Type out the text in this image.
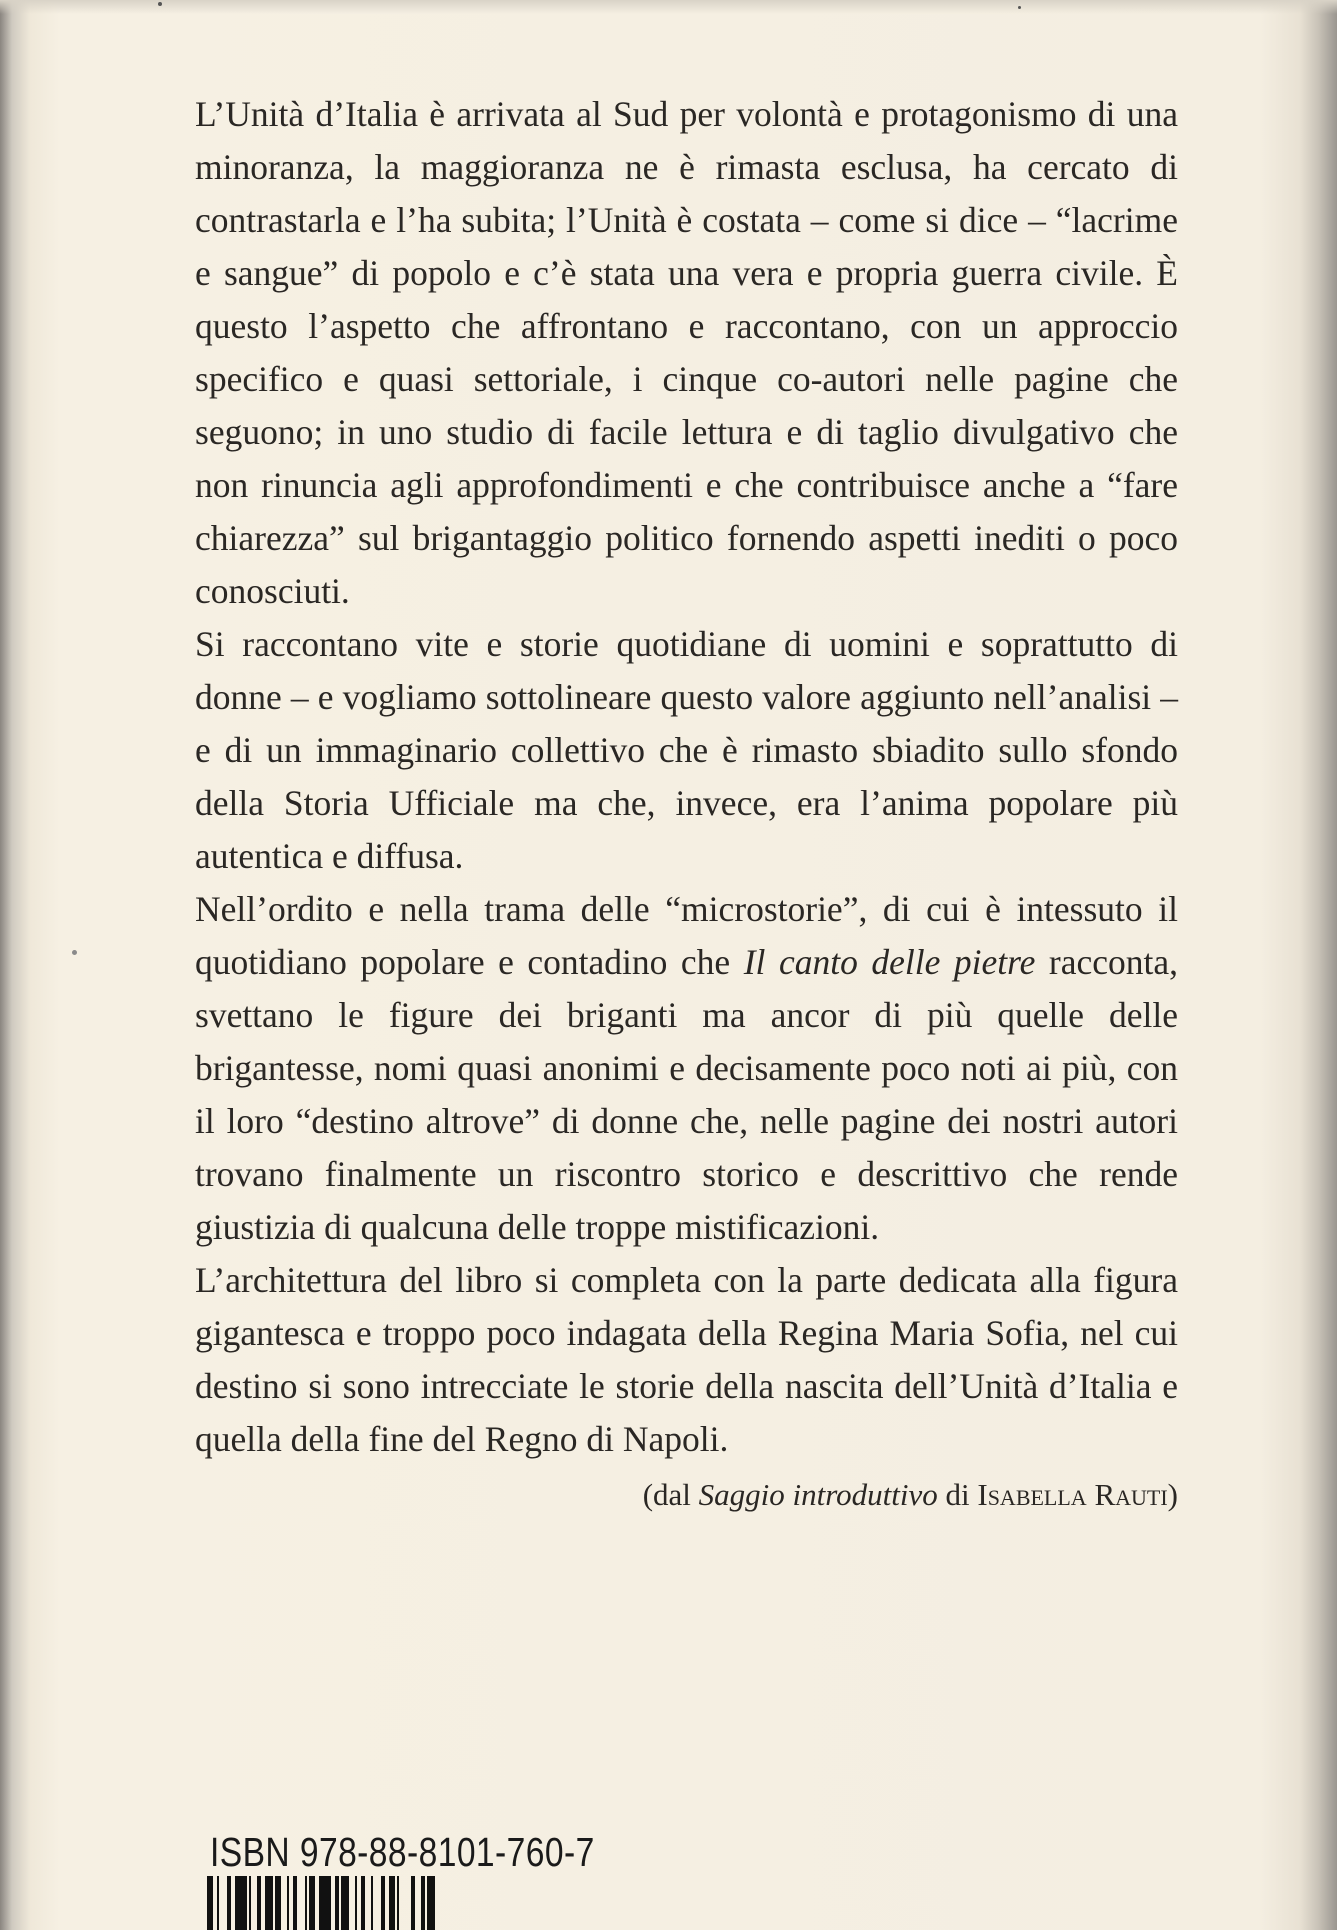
L’Unità d’Italia è arrivata al Sud per volontà e protagonismo di una minoranza, la maggioranza ne è rimasta esclusa, ha cercato di contrastarla e l’ha subita; l’Unità è costata – come si dice – “lacrime e sangue” di popolo e c’è stata una vera e propria guerra civile. È questo l’aspetto che affrontano e raccontano, con un approccio specifico e quasi settoriale, i cinque co-autori nelle pagine che seguono; in uno studio di facile lettura e di taglio divulgativo che non rinuncia agli approfondimenti e che contribuisce anche a “fare chiarezza” sul brigantaggio politico fornendo aspetti inediti o poco conosciuti.

Si raccontano vite e storie quotidiane di uomini e soprattutto di donne – e vogliamo sottolineare questo valore aggiunto nell’analisi – e di un immaginario collettivo che è rimasto sbiadito sullo sfondo della Storia Ufficiale ma che, invece, era l’anima popolare più autentica e diffusa.

Nell’ordito e nella trama delle “microstorie”, di cui è intessuto il quotidiano popolare e contadino che Il canto delle pietre racconta, svettano le figure dei briganti ma ancor di più quelle delle brigantesse, nomi quasi anonimi e decisamente poco noti ai più, con il loro “destino altrove” di donne che, nelle pagine dei nostri autori trovano finalmente un riscontro storico e descrittivo che rende giustizia di qualcuna delle troppe mistificazioni.

L’architettura del libro si completa con la parte dedicata alla figura gigantesca e troppo poco indagata della Regina Maria Sofia, nel cui destino si sono intrecciate le storie della nascita dell’Unità d’Italia e quella della fine del Regno di Napoli.

(dal Saggio introduttivo di Isabella Rauti)

ISBN 978-88-8101-760-7
